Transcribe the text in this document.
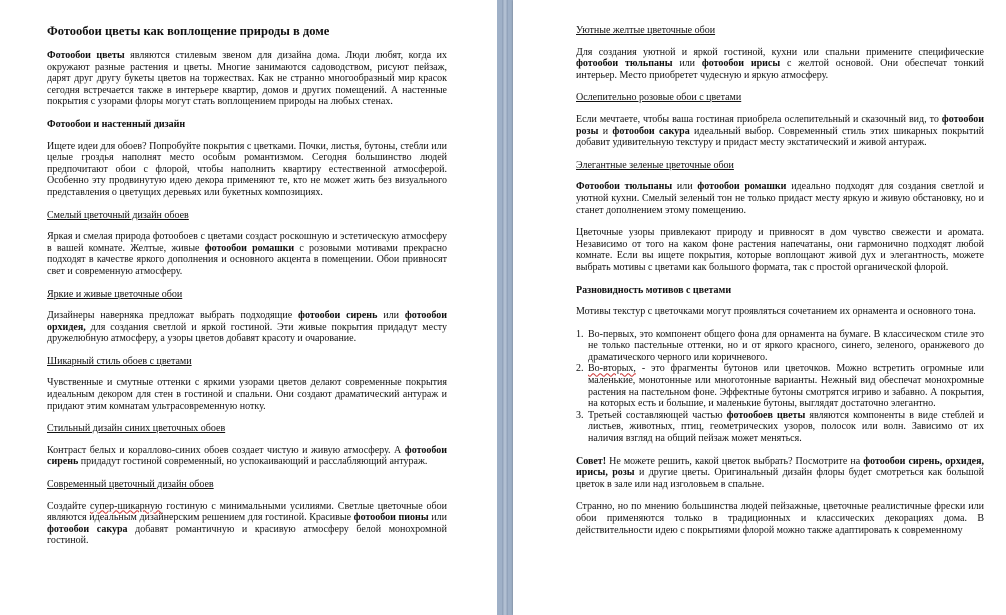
Фотообои цветы как воплощение природы в доме

Фотообои цветы являются стилевым звеном для дизайна дома. Люди любят, когда их окружают разные растения и цветы. Многие занимаются садоводством, рисуют пейзаж, дарят друг другу букеты цветов на торжествах. Как не странно многообразный мир красок сегодня встречается также в интерьере квартир, домов и других помещений. А настенные покрытия с узорами флоры могут стать воплощением природы на любых стенах.

Фотообои и настенный дизайн

Ищете идеи для обоев? Попробуйте покрытия с цветками. Почки, листья, бутоны, стебли или целые гроздья наполнят место особым романтизмом. Сегодня большинство людей предпочитают обои с флорой, чтобы наполнить квартиру естественной атмосферой. Особенно эту продвинутую идею декора применяют те, кто не может жить без визуального представления о цветущих деревьях или букетных композициях.

Смелый цветочный дизайн обоев

Яркая и смелая природа фотообоев с цветами создаст роскошную и эстетическую атмосферу в вашей комнате. Желтые, живые фотообои ромашки с розовыми мотивами прекрасно подходят в качестве яркого дополнения и основного акцента в помещении. Обои привносят свет и современную атмосферу.

Яркие и живые цветочные обои

Дизайнеры наверняка предложат выбрать подходящие фотообои сирень или фотообои орхидея, для создания светлой и яркой гостиной. Эти живые покрытия придадут месту дружелюбную атмосферу, а узоры цветов добавят красоту и очарование.

Шикарный стиль обоев с цветами

Чувственные и смутные оттенки с яркими узорами цветов делают современные покрытия идеальным декором для стен в гостиной и спальни. Они создают драматический антураж и придают этим комнатам ультрасовременную нотку.

Стильный дизайн синих цветочных обоев

Контраст белых и кораллово-синих обоев создает чистую и живую атмосферу. А фотообои сирень придадут гостиной современный, но успокаивающий и расслабляющий антураж.

Современный цветочный дизайн обоев

Создайте супер-шикарную гостиную с минимальными усилиями. Светлые цветочные обои являются идеальным дизайнерским решением для гостиной. Красивые фотообои пионы или фотообои сакура добавят романтичную и красивую атмосферу белой монохромной гостиной.

Уютные желтые цветочные обои

Для создания уютной и яркой гостиной, кухни или спальни примените специфические фотообои тюльпаны или фотообои ирисы с желтой основой. Они обеспечат тонкий интерьер. Место приобретет чудесную и яркую атмосферу.

Ослепительно розовые обои с цветами

Если мечтаете, чтобы ваша гостиная приобрела ослепительный и сказочный вид, то фотообои розы и фотообои сакура идеальный выбор. Современный стиль этих шикарных покрытий добавит удивительную текстуру и придаст месту экстатический и живой антураж.

Элегантные зеленые цветочные обои

Фотообои тюльпаны или фотообои ромашки идеально подходят для создания светлой и уютной кухни. Смелый зеленый тон не только придаст месту яркую и живую обстановку, но и станет дополнением этому помещению.

Цветочные узоры привлекают природу и привносят в дом чувство свежести и аромата. Независимо от того на каком фоне растения напечатаны, они гармонично подходят любой комнате. Если вы ищете покрытия, которые воплощают живой дух и элегантность, можете выбрать мотивы с цветами как большого формата, так с простой органической флорой.

Разновидность мотивов с цветами

Мотивы текстур с цветочками могут проявляться сочетанием их орнамента и основного тона.

1. Во-первых, это компонент общего фона для орнамента на бумаге. В классическом стиле это не только пастельные оттенки, но и от яркого красного, синего, зеленого, оранжевого до драматического черного или коричневого.
2. Во-вторых, - это фрагменты бутонов или цветочков. Можно встретить огромные или маленькие, монотонные или многотонные варианты. Нежный вид обеспечат монохромные растения на пастельном фоне. Эффектные бутоны смотрятся игриво и забавно. А покрытия, на которых есть и большие, и маленькие бутоны, выглядят достаточно элегантно.
3. Третьей составляющей частью фотообоев цветы являются компоненты в виде стеблей и листьев, животных, птиц, геометрических узоров, полосок или волн. Зависимо от их наличия взгляд на общий пейзаж может меняться.

Совет! Не можете решить, какой цветок выбрать? Посмотрите на фотообои сирень, орхидея, ирисы, розы и другие цветы. Оригинальный дизайн флоры будет смотреться как большой цветок в зале или над изголовьем в спальне.

Странно, но по мнению большинства людей пейзажные, цветочные реалистичные фрески или обои применяются только в традиционных и классических декорациях дома. В действительности идею с покрытиями флорой можно также адаптировать к современному
